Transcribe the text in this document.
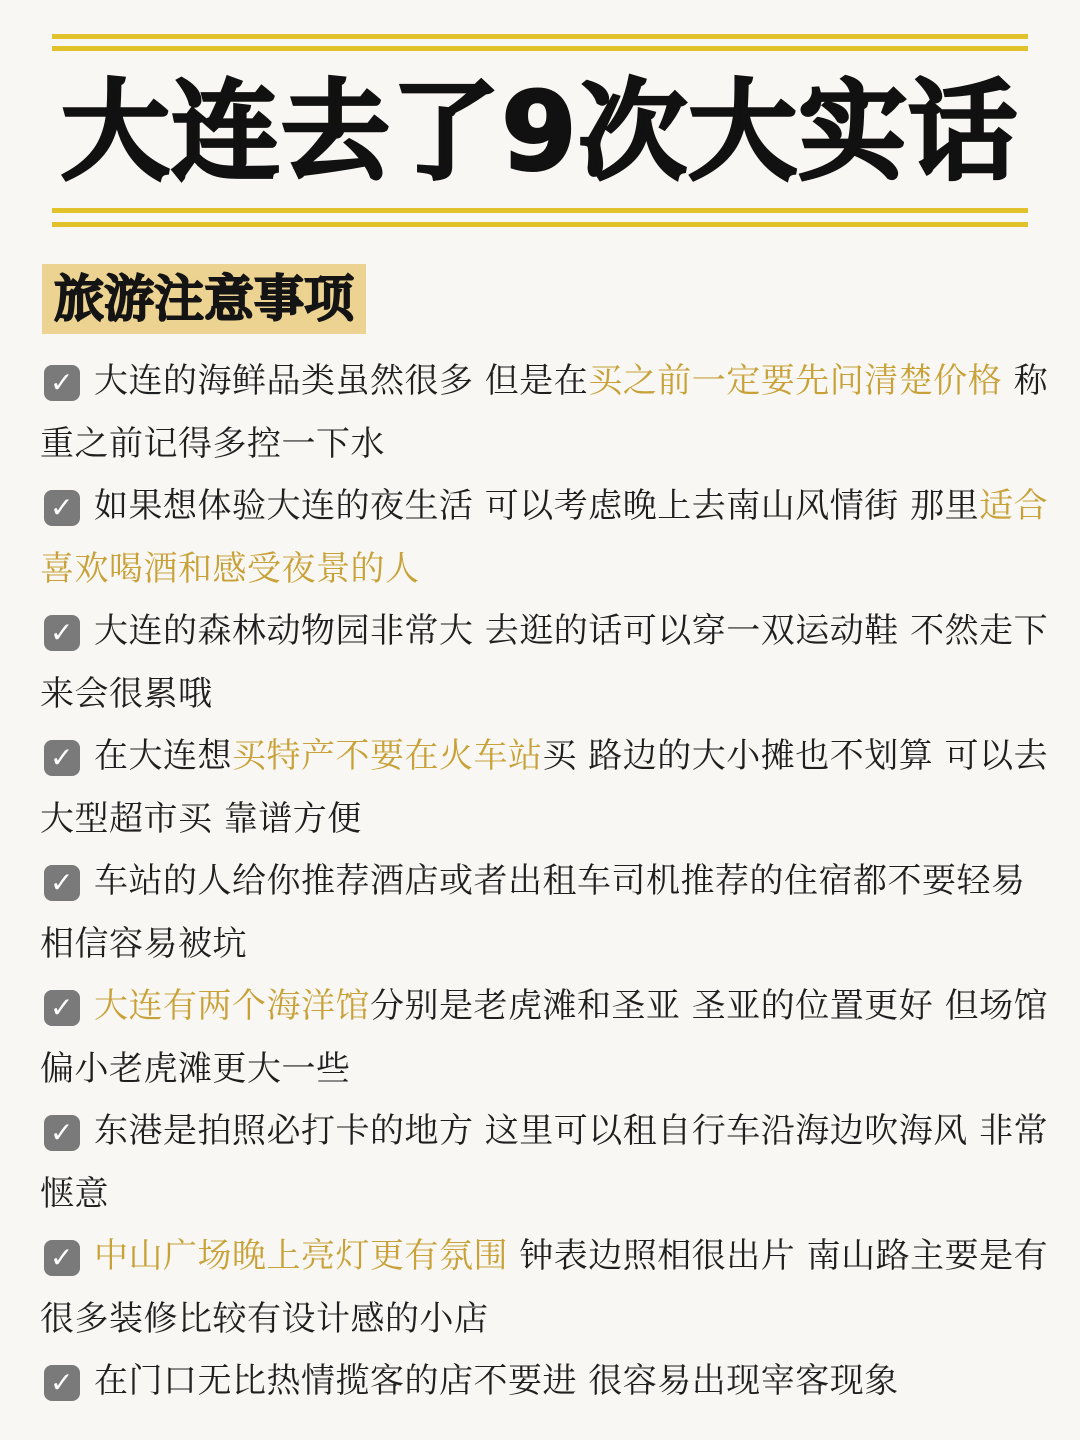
大连去了9次大实话
旅游注意事项
✓ 大连的海鲜品类虽然很多 但是在买之前一定要先问清楚价格 称重之前记得多控一下水
✓ 如果想体验大连的夜生活 可以考虑晚上去南山风情街 那里适合喜欢喝酒和感受夜景的人
✓ 大连的森林动物园非常大 去逛的话可以穿一双运动鞋 不然走下来会很累哦
✓ 在大连想买特产不要在火车站买 路边的大小摊也不划算 可以去大型超市买 靠谱方便
✓ 车站的人给你推荐酒店或者出租车司机推荐的住宿都不要轻易相信容易被坑
✓ 大连有两个海洋馆分别是老虎滩和圣亚 圣亚的位置更好 但场馆偏小老虎滩更大一些
✓ 东港是拍照必打卡的地方 这里可以租自行车沿海边吹海风 非常惬意
✓ 中山广场晚上亮灯更有氛围 钟表边照相很出片 南山路主要是有很多装修比较有设计感的小店
✓ 在门口无比热情揽客的店不要进 很容易出现宰客现象
